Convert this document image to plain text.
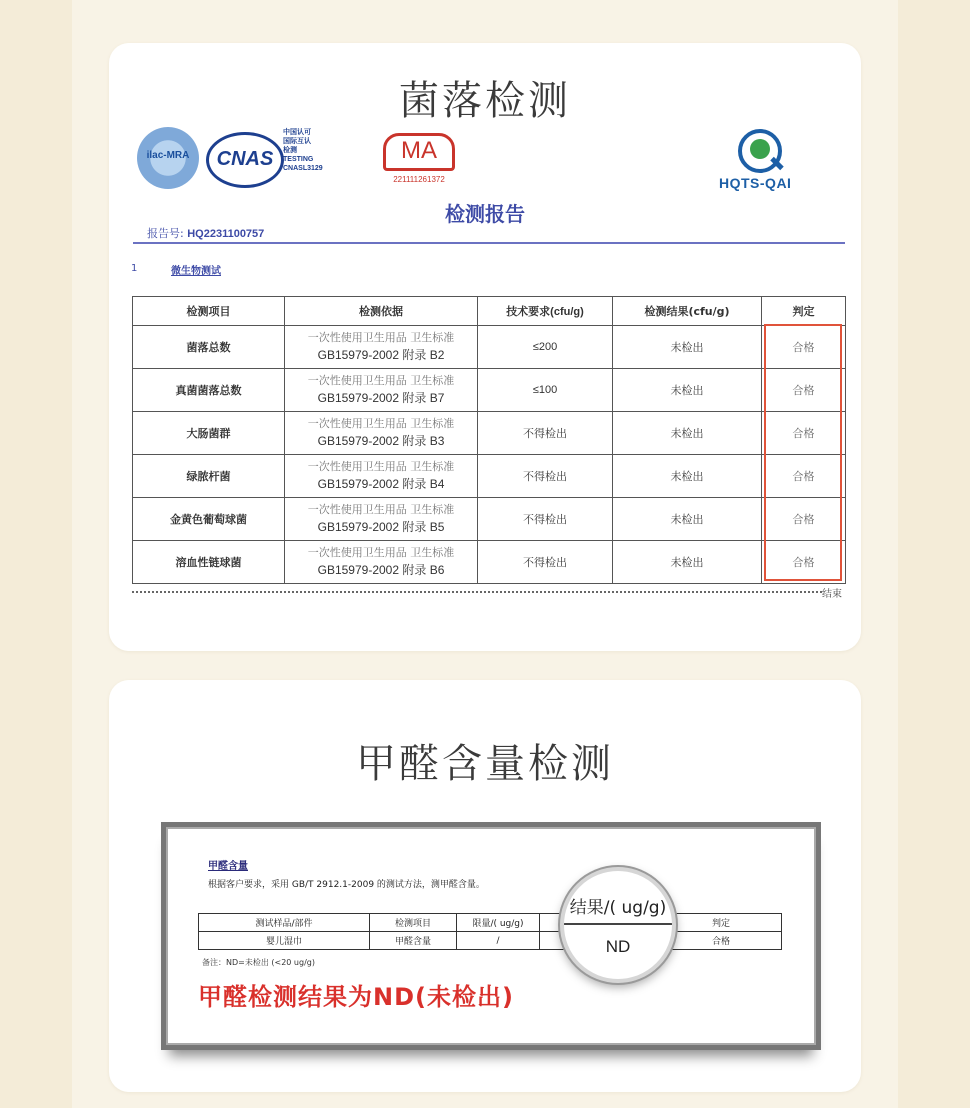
菌落检测
ilac-MRA	CNAS
中国认可
国际互认
检测
TESTING
CNASL3129
MA
221111261372	HQTS-QAI
检测报告
报告号: HQ2231100757
1	微生物测试
检测项目	检测依据	技术要求(cfu/g)	检测结果(cfu/g)	判定
菌落总数	一次性使用卫生用品 卫生标准
GB15979-2002 附录 B2	≤200	未检出	合格
真菌菌落总数	一次性使用卫生用品 卫生标准
GB15979-2002 附录 B7	≤100	未检出	合格
大肠菌群	一次性使用卫生用品 卫生标准
GB15979-2002 附录 B3	不得检出	未检出	合格
绿脓杆菌	一次性使用卫生用品 卫生标准
GB15979-2002 附录 B4	不得检出	未检出	合格
金黄色葡萄球菌	一次性使用卫生用品 卫生标准
GB15979-2002 附录 B5	不得检出	未检出	合格
溶血性链球菌	一次性使用卫生用品 卫生标准
GB15979-2002 附录 B6	不得检出	未检出	合格
结束
甲醛含量检测
甲醛含量
根据客户要求，采用 GB/T 2912.1-2009 的测试方法，测甲醛含量。
测试样品/部件	检测项目	限量/( ug/g)		判定
婴儿湿巾	甲醛含量	/		合格
备注：ND=未检出 (<20 ug/g)
甲醛检测结果为ND(未检出)
结果/( ug/g)
ND
